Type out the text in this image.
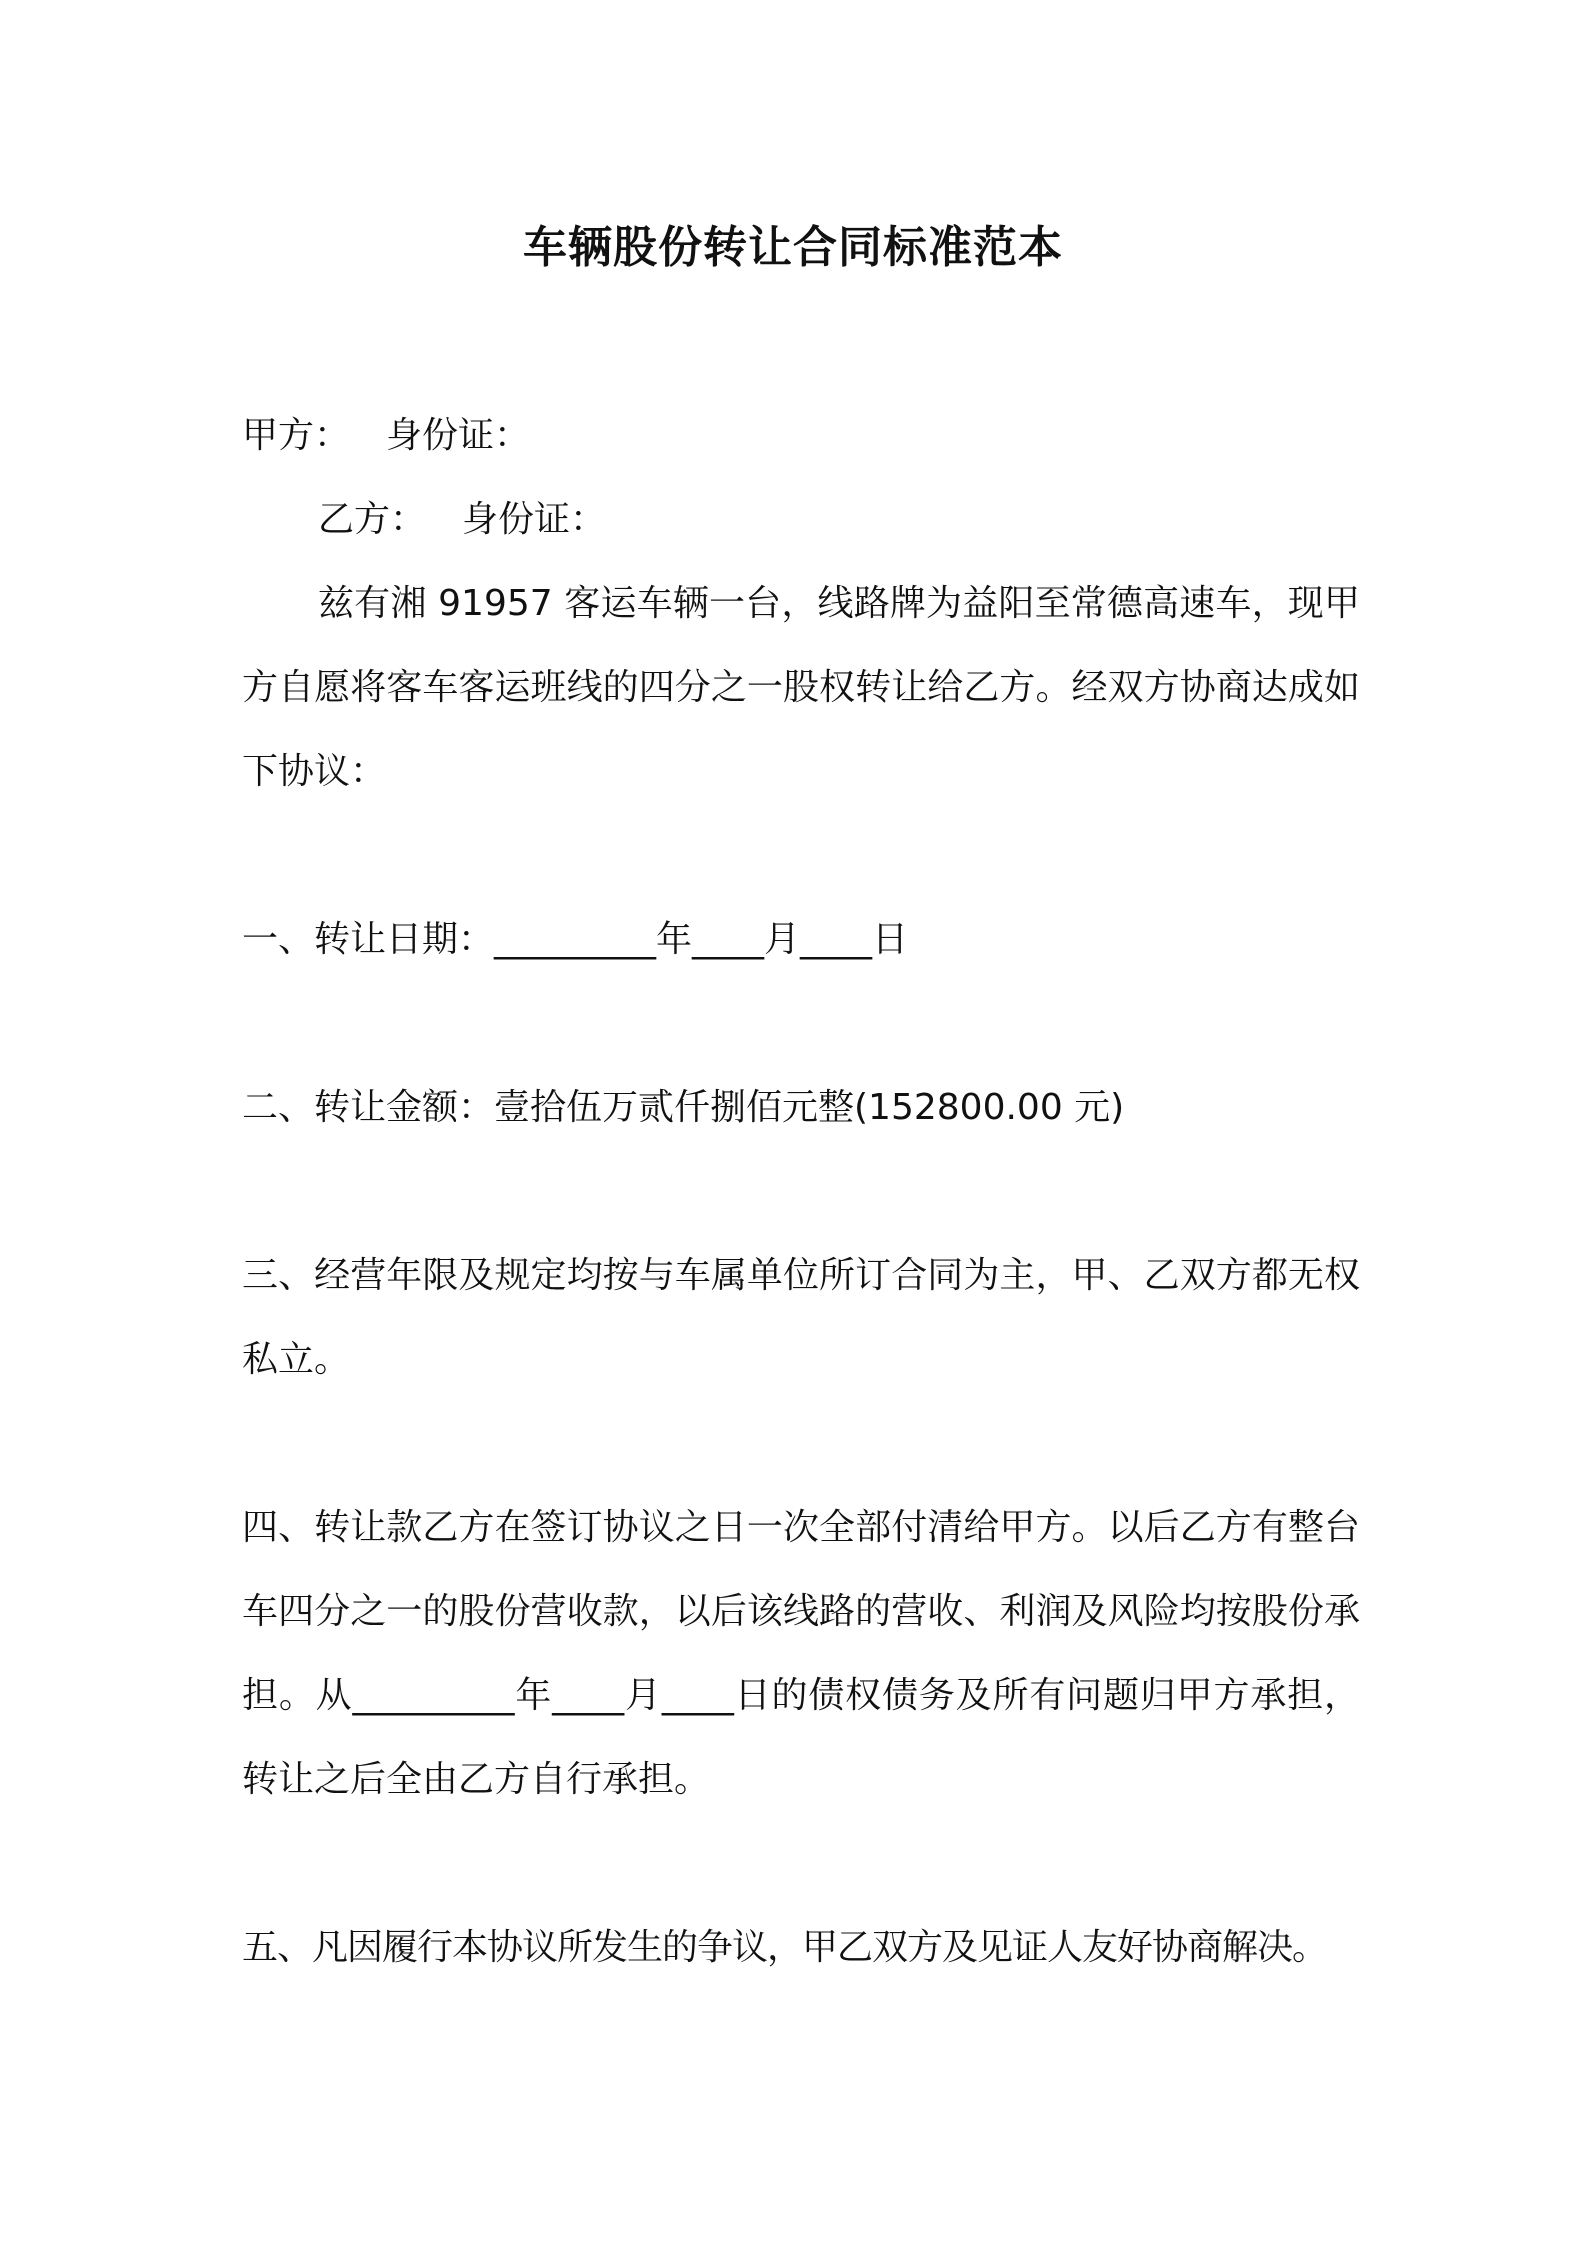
车辆股份转让合同标准范本
甲方： 身份证：
乙方： 身份证：

兹有湘 91957 客运车辆一台，线路牌为益阳至常德高速车，现甲方自愿将客车客运班线的四分之一股权转让给乙方。经双方协商达成如下协议：

一、转让日期：_________年____月____日

二、转让金额：壹拾伍万贰仟捌佰元整(152800.00 元)

三、经营年限及规定均按与车属单位所订合同为主，甲、乙双方都无权私立。

四、转让款乙方在签订协议之日一次全部付清给甲方。以后乙方有整台车四分之一的股份营收款，以后该线路的营收、利润及风险均按股份承担。从_________年____月____日的债权债务及所有问题归甲方承担，转让之后全由乙方自行承担。

五、凡因履行本协议所发生的争议，甲乙双方及见证人友好协商解决。
